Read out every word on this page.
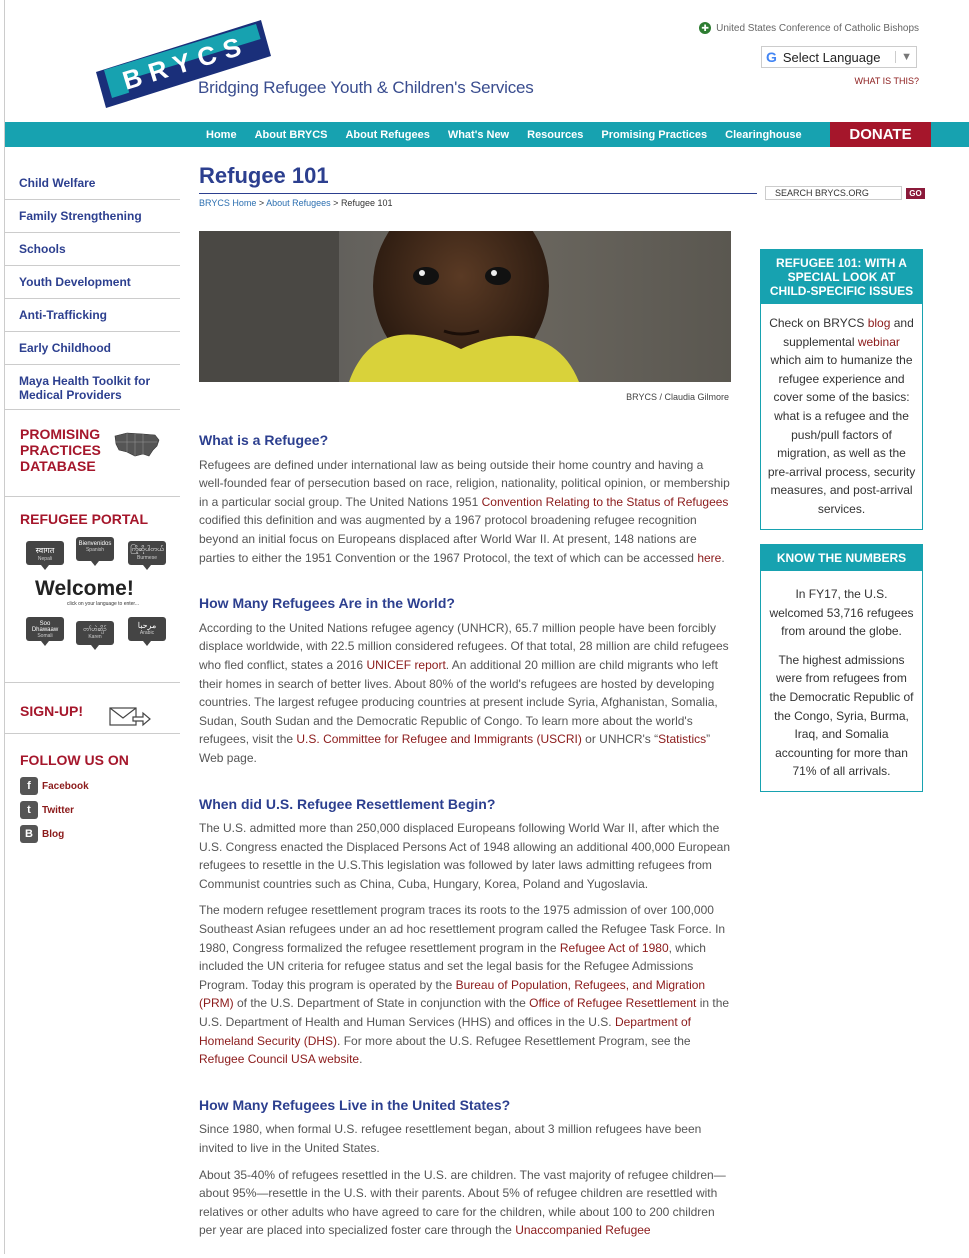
BRYCS
Bridging Refugee Youth & Children's Services
✚ United States Conference of Catholic Bishops
G Select Language	▼
WHAT IS THIS?
Home	About BRYCS	About Refugees	What's New	Resources	Promising Practices	Clearinghouse	DONATE
Child Welfare
Family Strengthening
Schools
Youth Development
Anti-Trafficking
Early Childhood
Maya Health Toolkit for Medical Providers
PROMISING PRACTICES DATABASE
REFUGEE PORTAL
स्वागत
Nepali
Bienvenidos
Spanish	ကြိုဆိုပါတယ်
Burmese
Welcome!
click on your language to enter...
Soo Dhawaaw
Somali
တၢ်ဟဲဆိုၣ်
Karen
مرحبا
Arabic
SIGN-UP!
FOLLOW US ON
f	Facebook
t	Twitter
B Blog
Refugee 101
SEARCH BRYCS.ORG	GO
BRYCS Home > About Refugees > Refugee 101
BRYCS / Claudia Gilmore
What is a Refugee?

Refugees are defined under international law as being outside their home country and having a well-founded fear of persecution based on race, religion, nationality, political opinion, or membership in a particular social group. The United Nations 1951 Convention Relating to the Status of Refugees codified this definition and was augmented by a 1967 protocol broadening refugee recognition beyond an initial focus on Europeans displaced after World War II. At present, 148 nations are parties to either the 1951 Convention or the 1967 Protocol, the text of which can be accessed here.

How Many Refugees Are in the World?

According to the United Nations refugee agency (UNHCR), 65.7 million people have been forcibly displace worldwide, with 22.5 million considered refugees. Of that total, 28 million are child refugees who fled conflict, states a 2016 UNICEF report. An additional 20 million are child migrants who left their homes in search of better lives. About 80% of the world's refugees are hosted by developing countries. The largest refugee producing countries at present include Syria, Afghanistan, Somalia, Sudan, South Sudan and the Democratic Republic of Congo. To learn more about the world's refugees, visit the U.S. Committee for Refugee and Immigrants (USCRI) or UNHCR's “Statistics” Web page.

When did U.S. Refugee Resettlement Begin?

The U.S. admitted more than 250,000 displaced Europeans following World War II, after which the U.S. Congress enacted the Displaced Persons Act of 1948 allowing an additional 400,000 European refugees to resettle in the U.S.This legislation was followed by later laws admitting refugees from Communist countries such as China, Cuba, Hungary, Korea, Poland and Yugoslavia.

The modern refugee resettlement program traces its roots to the 1975 admission of over 100,000 Southeast Asian refugees under an ad hoc resettlement program called the Refugee Task Force. In 1980, Congress formalized the refugee resettlement program in the Refugee Act of 1980, which included the UN criteria for refugee status and set the legal basis for the Refugee Admissions Program. Today this program is operated by the Bureau of Population, Refugees, and Migration (PRM) of the U.S. Department of State in conjunction with the Office of Refugee Resettlement in the U.S. Department of Health and Human Services (HHS) and offices in the U.S. Department of Homeland Security (DHS). For more about the U.S. Refugee Resettlement Program, see the Refugee Council USA website.

How Many Refugees Live in the United States?

Since 1980, when formal U.S. refugee resettlement began, about 3 million refugees have been invited to live in the United States.

About 35-40% of refugees resettled in the U.S. are children. The vast majority of refugee children—about 95%—resettle in the U.S. with their parents. About 5% of refugee children are resettled with relatives or other adults who have agreed to care for the children, while about 100 to 200 children per year are placed into specialized foster care through the Unaccompanied Refugee

REFUGEE 101: WITH A SPECIAL LOOK AT CHILD-SPECIFIC ISSUES
Check on BRYCS blog and supplemental webinar which aim to humanize the refugee experience and cover some of the basics: what is a refugee and the push/pull factors of migration, as well as the pre-arrival process, security measures, and post-arrival services.
KNOW THE NUMBERS

In FY17, the U.S. welcomed 53,716 refugees from around the globe.

The highest admissions were from refugees from the Democratic Republic of the Congo, Syria, Burma, Iraq, and Somalia accounting for more than 71% of all arrivals.
